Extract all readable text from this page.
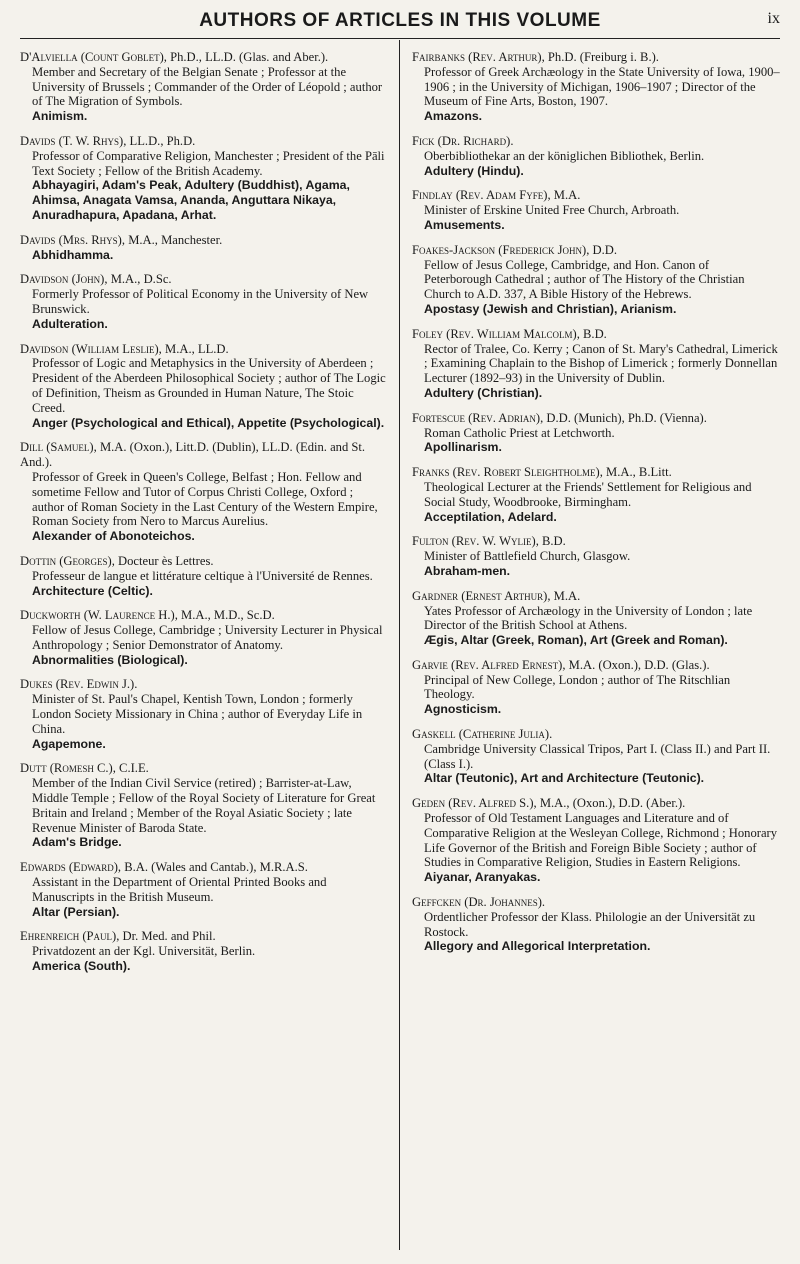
AUTHORS OF ARTICLES IN THIS VOLUME	ix
D'Alviella (Count Goblet), Ph.D., LL.D. (Glas. and Aber.).
Member and Secretary of the Belgian Senate ; Professor at the University of Brussels ; Commander of the Order of Léopold ; author of The Migration of Symbols.
Animism.
Davids (T. W. Rhys), LL.D., Ph.D.
Professor of Comparative Religion, Manchester ; President of the Pāli Text Society ; Fellow of the British Academy.
Abhayagiri, Adam's Peak, Adultery (Buddhist), Agama, Ahimsa, Anagata Vamsa, Ananda, Anguttara Nikaya, Anuradhapura, Apadana, Arhat.
Davids (Mrs. Rhys), M.A., Manchester.
Abhidhamma.
Davidson (John), M.A., D.Sc.
Formerly Professor of Political Economy in the University of New Brunswick.
Adulteration.
Davidson (William Leslie), M.A., LL.D.
Professor of Logic and Metaphysics in the University of Aberdeen ; President of the Aberdeen Philosophical Society ; author of The Logic of Definition, Theism as Grounded in Human Nature, The Stoic Creed.
Anger (Psychological and Ethical), Appetite (Psychological).
Dill (Samuel), M.A. (Oxon.), Litt.D. (Dublin), LL.D. (Edin. and St. And.).
Professor of Greek in Queen's College, Belfast ; Hon. Fellow and sometime Fellow and Tutor of Corpus Christi College, Oxford ; author of Roman Society in the Last Century of the Western Empire, Roman Society from Nero to Marcus Aurelius.
Alexander of Abonoteichos.
Dottin (Georges), Docteur ès Lettres.
Professeur de langue et littérature celtique à l'Université de Rennes.
Architecture (Celtic).
Duckworth (W. Laurence H.), M.A., M.D., Sc.D.
Fellow of Jesus College, Cambridge ; University Lecturer in Physical Anthropology ; Senior Demonstrator of Anatomy.
Abnormalities (Biological).
Dukes (Rev. Edwin J.).
Minister of St. Paul's Chapel, Kentish Town, London ; formerly London Society Missionary in China ; author of Everyday Life in China.
Agapemone.
Dutt (Romesh C.), C.I.E.
Member of the Indian Civil Service (retired) ; Barrister-at-Law, Middle Temple ; Fellow of the Royal Society of Literature for Great Britain and Ireland ; Member of the Royal Asiatic Society ; late Revenue Minister of Baroda State.
Adam's Bridge.
Edwards (Edward), B.A. (Wales and Cantab.), M.R.A.S.
Assistant in the Department of Oriental Printed Books and Manuscripts in the British Museum.
Altar (Persian).
Ehrenreich (Paul), Dr. Med. and Phil.
Privatdozent an der Kgl. Universität, Berlin.
America (South).
Fairbanks (Rev. Arthur), Ph.D. (Freiburg i. B.).
Professor of Greek Archæology in the State University of Iowa, 1900–1906 ; in the University of Michigan, 1906–1907 ; Director of the Museum of Fine Arts, Boston, 1907.
Amazons.
Fick (Dr. Richard).
Oberbibliothekar an der königlichen Bibliothek, Berlin.
Adultery (Hindu).
Findlay (Rev. Adam Fyfe), M.A.
Minister of Erskine United Free Church, Arbroath.
Amusements.
Foakes-Jackson (Frederick John), D.D.
Fellow of Jesus College, Cambridge, and Hon. Canon of Peterborough Cathedral ; author of The History of the Christian Church to A.D. 337, A Bible History of the Hebrews.
Apostasy (Jewish and Christian), Arianism.
Foley (Rev. William Malcolm), B.D.
Rector of Tralee, Co. Kerry ; Canon of St. Mary's Cathedral, Limerick ; Examining Chaplain to the Bishop of Limerick ; formerly Donnellan Lecturer (1892–93) in the University of Dublin.
Adultery (Christian).
Fortescue (Rev. Adrian), D.D. (Munich), Ph.D. (Vienna).
Roman Catholic Priest at Letchworth.
Apollinarism.
Franks (Rev. Robert Sleightholme), M.A., B.Litt.
Theological Lecturer at the Friends' Settlement for Religious and Social Study, Woodbrooke, Birmingham.
Acceptilation, Adelard.
Fulton (Rev. W. Wylie), B.D.
Minister of Battlefield Church, Glasgow.
Abraham-men.
Gardner (Ernest Arthur), M.A.
Yates Professor of Archæology in the University of London ; late Director of the British School at Athens.
Ægis, Altar (Greek, Roman), Art (Greek and Roman).
Garvie (Rev. Alfred Ernest), M.A. (Oxon.), D.D. (Glas.).
Principal of New College, London ; author of The Ritschlian Theology.
Agnosticism.
Gaskell (Catherine Julia).
Cambridge University Classical Tripos, Part I. (Class II.) and Part II. (Class I.).
Altar (Teutonic), Art and Architecture (Teutonic).
Geden (Rev. Alfred S.), M.A., (Oxon.), D.D. (Aber.).
Professor of Old Testament Languages and Literature and of Comparative Religion at the Wesleyan College, Richmond ; Honorary Life Governor of the British and Foreign Bible Society ; author of Studies in Comparative Religion, Studies in Eastern Religions.
Aiyanar, Aranyakas.
Geffcken (Dr. Johannes).
Ordentlicher Professor der Klass. Philologie an der Universität zu Rostock.
Allegory and Allegorical Interpretation.
